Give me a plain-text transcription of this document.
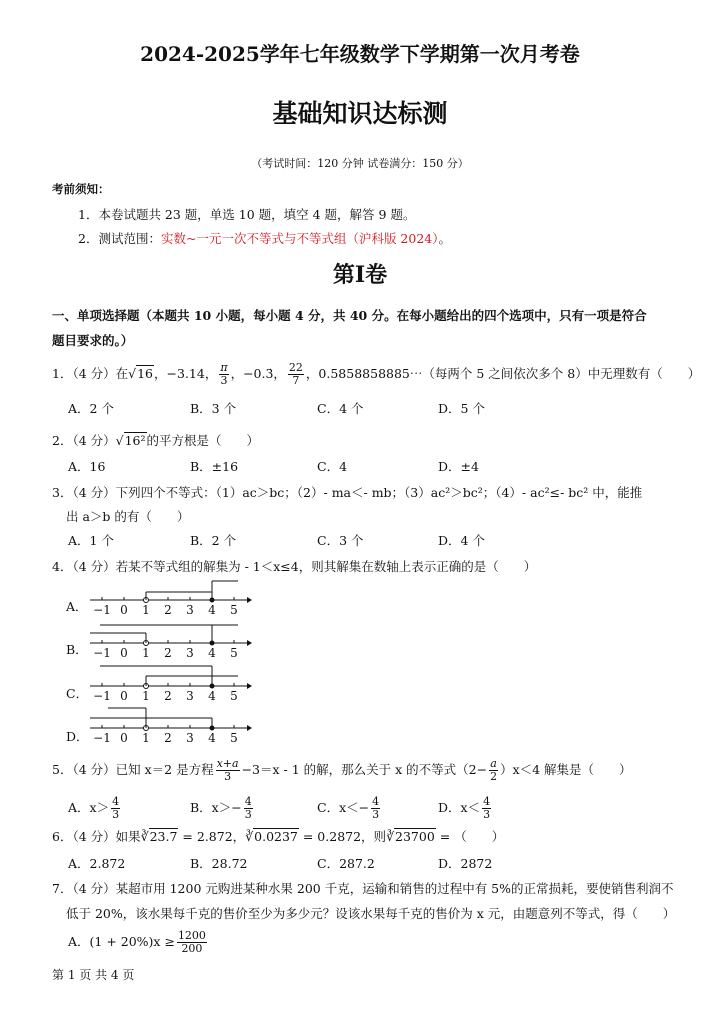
2024-2025学年七年级数学下学期第一次月考卷
基础知识达标测
（考试时间：120 分钟 试卷满分：150 分）
考前须知：
1．本卷试题共 23 题，单选 10 题，填空 4 题，解答 9 题。
2．测试范围：实数~一元一次不等式与不等式组（沪科版 2024）。
第Ⅰ卷
一、单项选择题（本题共 10 小题，每小题 4 分，共 40 分。在每小题给出的四个选项中，只有一项是符合
题目要求的。）
1．（4 分）在√16，−3.14， $\frac{\pi}{3}$ ，−0.3̇， $\frac{22}{7}$ ，0.5858858885⋯（每两个 5 之间依次多个 8）中无理数有（　　）
A．2 个	B．3 个	C．4 个	D．5 个
2．（4 分）√16²的平方根是（　　）
A．16	B．±16	C．4	D．±4
3．（4 分）下列四个不等式：（1）ac＞bc；（2）- ma＜- mb；（3）ac²＞bc²；（4）- ac²≤- bc² 中，能推
出 a＞b 的有（　　）
A．1 个	B．2 个	C．3 个	D．4 个
4．（4 分）若某不等式组的解集为 - 1＜x≤4，则其解集在数轴上表示正确的是（　　）
A． −1 0 1 2 3 4 5
B． −1 0 1 2 3 4 5
C． −1 0 1 2 3 4 5
D． −1 0 1 2 3 4 5
5．（4 分）已知 x＝2 是方程 $\frac{x+a}{3} -3=x - 1$ 的解，那么关于 x 的不等式$(2- \frac{a}{2} )x<4$ 解集是（　　）
A．$x> \frac{4}{3}$	B．$x>- \frac{4}{3}$	C．$x<- \frac{4}{3}$	D．$x< \frac{4}{3}$
6．（4 分）如果∛23.7 = 2.872，∛0.0237 = 0.2872，则∛23700 = （　　）
A．2.872	B．28.72	C．287.2	D．2872
7．（4 分）某超市用 1200 元购进某种水果 200 千克，运输和销售的过程中有 5%的正常损耗，要使销售利润不
低于 20%，该水果每千克的售价至少为多少元？设该水果每千克的售价为 x 元，由题意列不等式，得（　　）
A．$(1 + 20\%)x \ge \frac{1200}{200}$
第 1 页 共 4 页
